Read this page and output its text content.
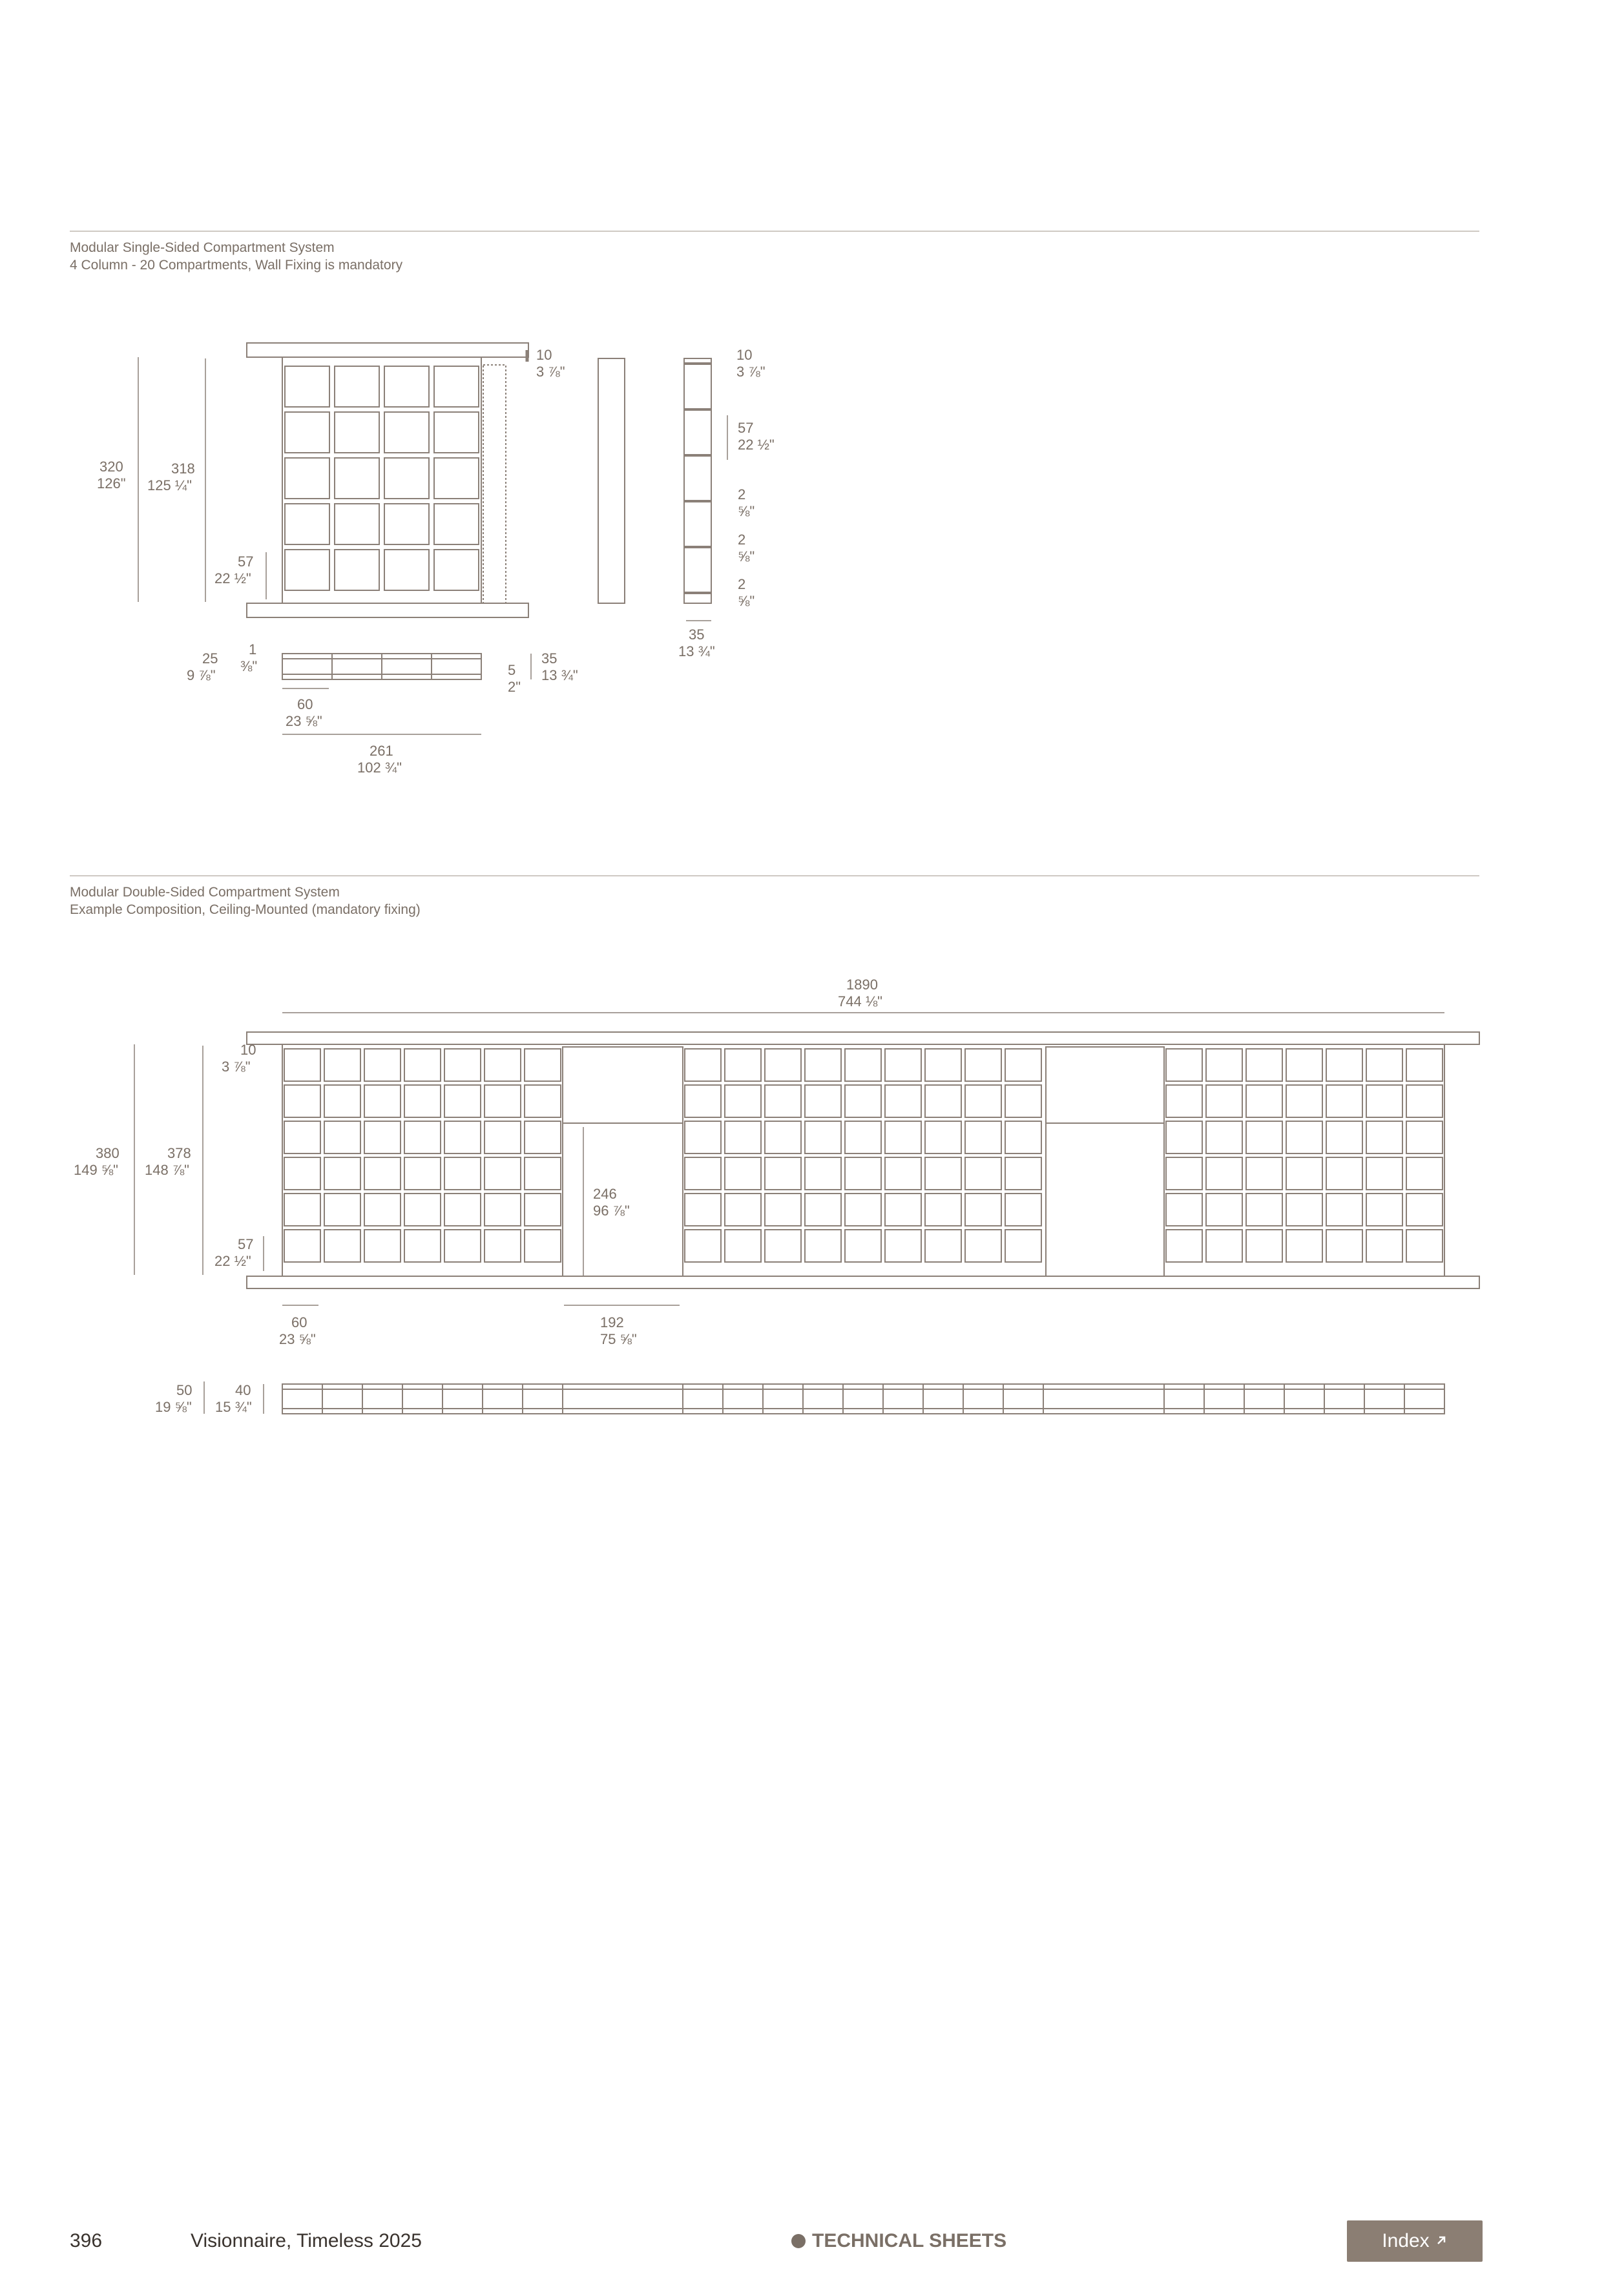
Modular Single-Sided Compartment System
4 Column - 20 Compartments, Wall Fixing is mandatory
Modular Double-Sided Compartment System
Example Composition, Ceiling-Mounted (mandatory fixing)
10
3 ⅞"
320
126"
318
125 ¼"
57
22 ½"
10
3 ⅞"
57
22 ½"
2
⅝"
2
⅝"
2
⅝"
35
13 ¾"
25
9 ⅞"
1
⅜"	5
2"
35
13 ¾"
60
23 ⅝"
261
102 ¾"
1890
744 ⅛"
10
3 ⅞"
380
149 ⅝"
378
148 ⅞"
57
22 ½"
246
96 ⅞"
60
23 ⅝"
192
75 ⅝"
50
19 ⅝"
40
15 ¾"
396	Visionnaire, Timeless 2025	TECHNICAL SHEETS	Index
